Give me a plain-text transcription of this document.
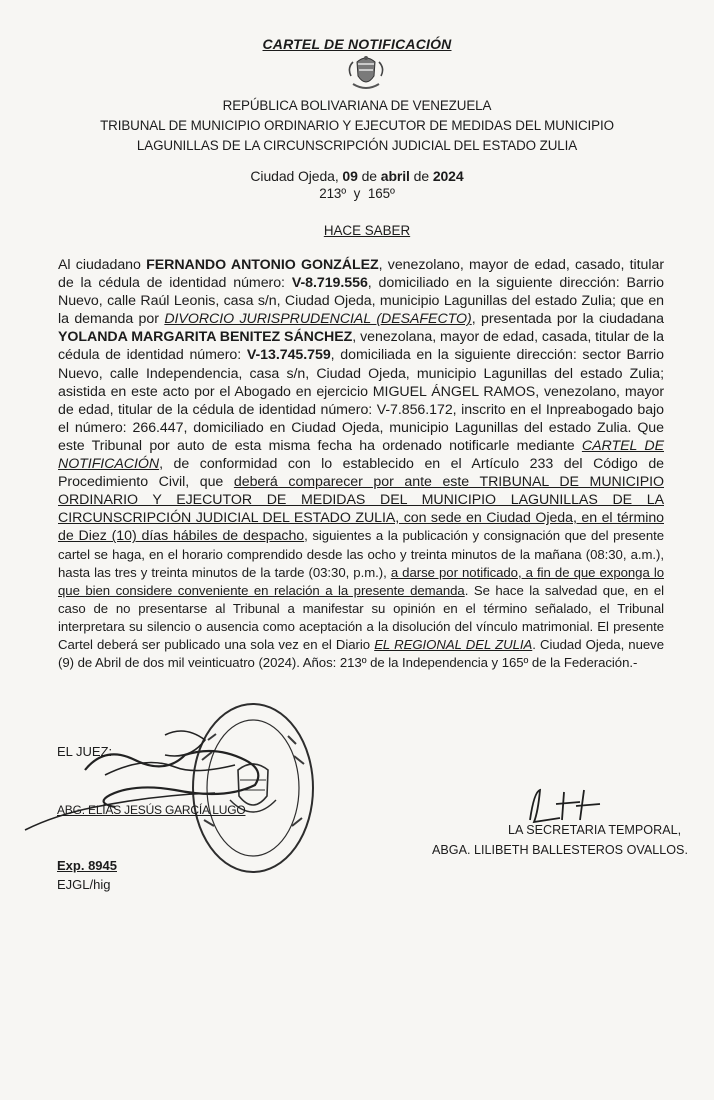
CARTEL DE NOTIFICACIÓN
REPÚBLICA BOLIVARIANA DE VENEZUELA
TRIBUNAL DE MUNICIPIO ORDINARIO Y EJECUTOR DE MEDIDAS DEL MUNICIPIO
LAGUNILLAS DE LA CIRCUNSCRIPCIÓN JUDICIAL DEL ESTADO ZULIA
Ciudad Ojeda, 09 de abril de 2024
213º y 165º
HACE SABER

Al ciudadano FERNANDO ANTONIO GONZÁLEZ, venezolano, mayor de edad, casado, titular de la cédula de identidad número: V-8.719.556, domiciliado en la siguiente dirección: Barrio Nuevo, calle Raúl Leonis, casa s/n, Ciudad Ojeda, municipio Lagunillas del estado Zulia; que en la demanda por DIVORCIO JURISPRUDENCIAL (DESAFECTO), presentada por la ciudadana YOLANDA MARGARITA BENITEZ SÁNCHEZ, venezolana, mayor de edad, casada, titular de la cédula de identidad número: V-13.745.759, domiciliada en la siguiente dirección: sector Barrio Nuevo, calle Independencia, casa s/n, Ciudad Ojeda, municipio Lagunillas del estado Zulia; asistida en este acto por el Abogado en ejercicio MIGUEL ÁNGEL RAMOS, venezolano, mayor de edad, titular de la cédula de identidad número: V-7.856.172, inscrito en el Inpreabogado bajo el número: 266.447, domiciliado en Ciudad Ojeda, municipio Lagunillas del estado Zulia. Que este Tribunal por auto de esta misma fecha ha ordenado notificarle mediante CARTEL DE NOTIFICACIÓN, de conformidad con lo establecido en el Artículo 233 del Código de Procedimiento Civil, que deberá comparecer por ante este TRIBUNAL DE MUNICIPIO ORDINARIO Y EJECUTOR DE MEDIDAS DEL MUNICIPIO LAGUNILLAS DE LA CIRCUNSCRIPCIÓN JUDICIAL DEL ESTADO ZULIA, con sede en Ciudad Ojeda, en el término de Diez (10) días hábiles de despacho, siguientes a la publicación y consignación que del presente cartel se haga, en el horario comprendido desde las ocho y treinta minutos de la mañana (08:30, a.m.), hasta las tres y treinta minutos de la tarde (03:30, p.m.), a darse por notificado, a fin de que exponga lo que bien considere conveniente en relación a la presente demanda. Se hace la salvedad que, en el caso de no presentarse al Tribunal a manifestar su opinión en el término señalado, el Tribunal interpretara su silencio o ausencia como aceptación a la disolución del vínculo matrimonial. El presente Cartel deberá ser publicado una sola vez en el Diario EL REGIONAL DEL ZULIA. Ciudad Ojeda, nueve (9) de Abril de dos mil veinticuatro (2024). Años: 213º de la Independencia y 165º de la Federación.-

EL JUEZ:
ABG. ELÍAS JESÚS GARCÍA LUGO
LA SECRETARIA TEMPORAL,
ABGA. LILIBETH BALLESTEROS OVALLOS.
Exp. 8945
EJGL/hig
